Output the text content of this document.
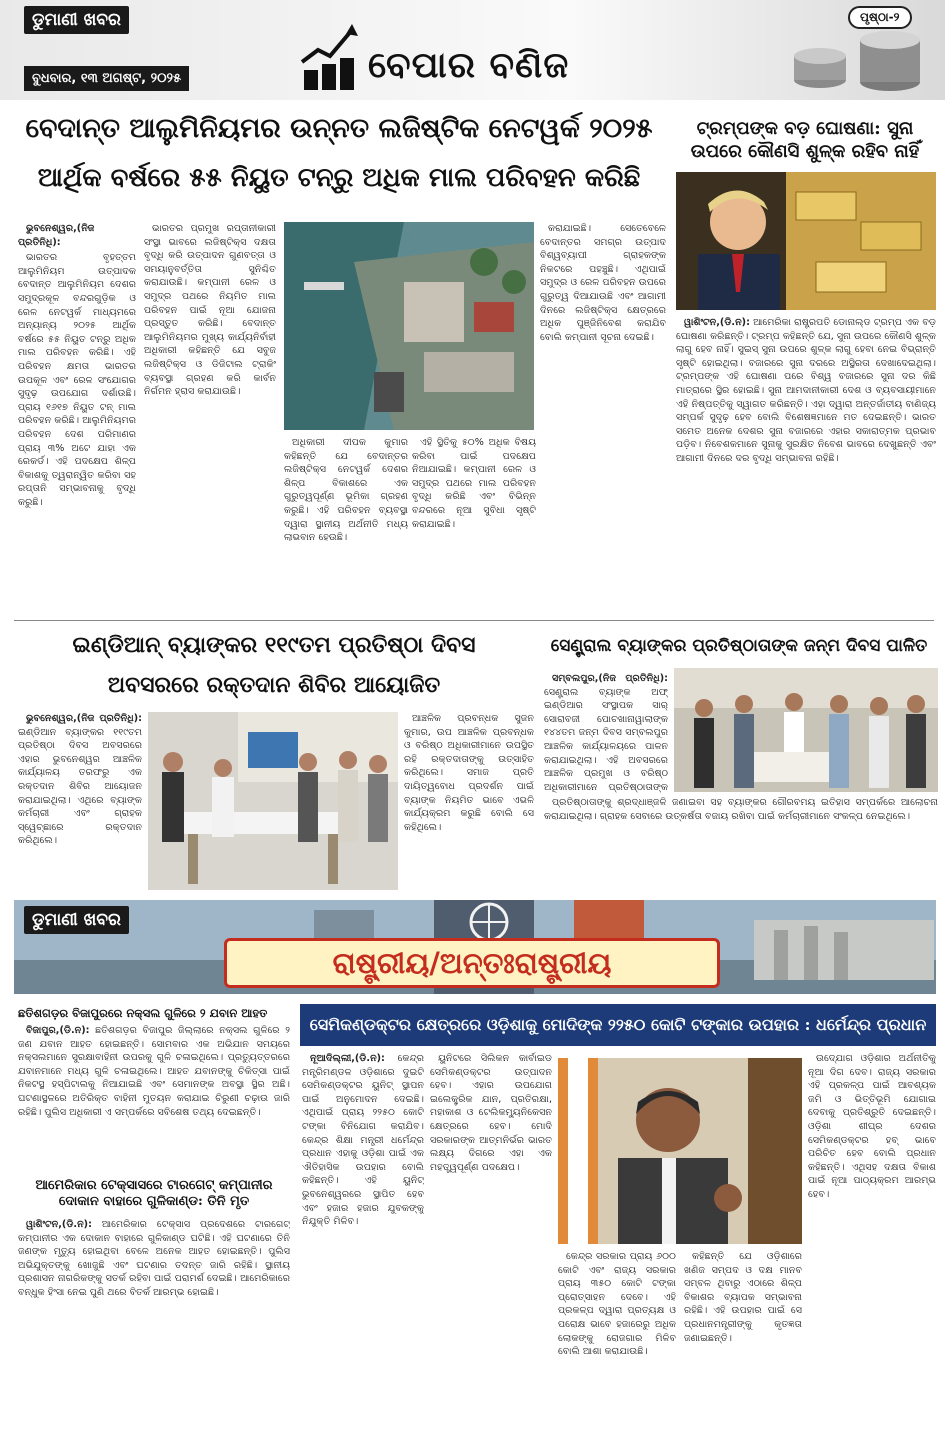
ଡୁମାଣୀ ଖବର
ବୁଧବାର, ୧୩ ଅଗଷ୍ଟ, ୨୦୨୫	ବେପାର ବଣିଜ
ପୃଷ୍ଠା-୨
ବେଦାନ୍ତ ଆଲୁମିନିୟମର ଉନ୍ନତ ଲଜିଷ୍ଟିକ ନେଟୱର୍କ ୨୦୨୫
ଆର୍ଥିକ ବର୍ଷରେ ୫୫ ନିୟୁତ ଟନ୍‌ରୁ ଅଧିକ ମାଲ ପରିବହନ କରିଛି

ଭୁବନେଶ୍ୱର,(ନିଜ ପ୍ରତିନିଧି):

ଭାରତର ବୃହତ୍ତମ ଆଲୁମିନିୟମ ଉତ୍ପାଦକ ବେଦାନ୍ତ ଆଲୁମିନିୟମ ଦେଶର ସମୁଦ୍ରକୂଳ ବନ୍ଦରଗୁଡ଼ିକ ଓ ରେଳ ନେଟୱର୍କ ମାଧ୍ୟମରେ ଅନ୍ୟାନ୍ୟ ୨୦୨୫ ଆର୍ଥିକ ବର୍ଷରେ ୫୫ ନିୟୁତ ଟନ୍‌ରୁ ଅଧିକ ମାଲ ପରିବହନ କରିଛି। ଏହି ପରିବହନ କ୍ଷମତା ଭାରତର ଉପକୂଳ ଏବଂ ରେଳ ସଂଯୋଗର ସୁଦୃଢ଼ ଉପଯୋଗ ଦର୍ଶାଉଛି। ପ୍ରାୟ ୧୬୧୭ ନିୟୁତ ଟନ୍ ମାଲ ପରିବହନ କରିଛି। ଆଲୁମିନିୟମର ପରିବହନ ଦେଶ ପରିମାଣର ପ୍ରାୟ ୩% ଅଟେ ଯାହା ଏକ ରେକର୍ଡ। ଏହି ପଦକ୍ଷେପ ଶିଳ୍ପ ବିକାଶକୁ ତ୍ୱରାନ୍ୱିତ କରିବା ସହ ରପ୍ତାନି ସମ୍ଭାବନାକୁ ବୃଦ୍ଧି କରୁଛି।

ଭାରତର ପ୍ରମୁଖ ରପ୍ତାନୀକାରୀ ସଂସ୍ଥା ଭାବରେ ଲଜିଷ୍ଟିକ୍ସ ଦକ୍ଷତା ବୃଦ୍ଧି କରି ଉତ୍ପାଦନ ଗୁଣବତ୍ତା ଓ ସମୟାନୁବର୍ତ୍ତିତା ସୁନିଶ୍ଚିତ କରାଯାଉଛି। କମ୍ପାନୀ ରେଳ ଓ ସମୁଦ୍ର ପଥରେ ନିୟମିତ ମାଲ ପରିବହନ ପାଇଁ ନୂଆ ଯୋଜନା ପ୍ରସ୍ତୁତ କରିଛି। ବେଦାନ୍ତ ଆଲୁମିନିୟମର ମୁଖ୍ୟ କାର୍ଯ୍ୟନିର୍ବାହୀ ଅଧିକାରୀ କହିଛନ୍ତି ଯେ ସବୁଜ ଲଜିଷ୍ଟିକ୍ସ ଓ ଡିଜିଟାଲ ଟ୍ରାକିଂ ବ୍ୟବସ୍ଥା ଗ୍ରହଣ କରି କାର୍ବନ ନିର୍ଗମନ ହ୍ରାସ କରାଯାଉଛି।

ଅଧିକାରୀ ଦୀପକ କୁମାର କହିଛନ୍ତି ଯେ ବେଦାନ୍ତର ଲଜିଷ୍ଟିକ୍ସ ନେଟୱର୍କ ଦେଶର ଶିଳ୍ପ ବିକାଶରେ ଏକ ଗୁରୁତ୍ୱପୂର୍ଣ୍ଣ ଭୂମିକା ଗ୍ରହଣ କରୁଛି। ଏହି ପରିବହନ ବ୍ୟବସ୍ଥା ଦ୍ୱାରା ସ୍ଥାନୀୟ ଅର୍ଥନୀତି ମଧ୍ୟ ଲାଭବାନ ହେଉଛି।

ଏହି ସ୍ଥିତିକୁ ୫୦% ଅଧିକ ବିଷୟ କରିବା ପାଇଁ ପଦକ୍ଷେପ ନିଆଯାଇଛି। କମ୍ପାନୀ ରେଳ ଓ ସମୁଦ୍ର ପଥରେ ମାଲ ପରିବହନ ବୃଦ୍ଧି କରିଛି ଏବଂ ବିଭିନ୍ନ ବନ୍ଦରରେ ନୂଆ ସୁବିଧା ସୃଷ୍ଟି କରାଯାଇଛି।

କରାଯାଇଛି। ସେତେବେଳେ ବେଦାନ୍ତର ସମଗ୍ର ଉତ୍ପାଦ ବିଶ୍ୱବ୍ୟାପୀ ଗ୍ରାହକଙ୍କ ନିକଟରେ ପହଞ୍ଚୁଛି। ଏଥିପାଇଁ ସମୁଦ୍ର ଓ ରେଳ ପରିବହନ ଉପରେ ଗୁରୁତ୍ୱ ଦିଆଯାଉଛି ଏବଂ ଆଗାମୀ ଦିନରେ ଲଜିଷ୍ଟିକ୍ସ କ୍ଷେତ୍ରରେ ଅଧିକ ପୁଞ୍ଜିନିବେଶ କରାଯିବ ବୋଲି କମ୍ପାନୀ ସୂଚନା ଦେଇଛି।

ଟ୍ରମ୍ପଙ୍କ ବଡ଼ ଘୋଷଣା: ସୁନା ଉପରେ କୌଣସି ଶୁଳ୍କ ରହିବ ନାହିଁ

ୱାଶିଂଟନ,(ଡି.ନ): ଆମେରିକା ରାଷ୍ଟ୍ରପତି ଡୋନାଲ୍ଡ ଟ୍ରମ୍ପ ଏକ ବଡ଼ ଘୋଷଣା କରିଛନ୍ତି। ଟ୍ରମ୍ପ କହିଛନ୍ତି ଯେ, ସୁନା ଉପରେ କୌଣସି ଶୁଳ୍କ ଲାଗୁ ହେବ ନାହିଁ। ସୁଇସ୍‌ ସୁନା ଉପରେ ଶୁଳ୍କ ଲାଗୁ ହେବା ନେଇ ବିଭ୍ରାନ୍ତି ସୃଷ୍ଟି ହୋଇଥିଲା। ବଜାରରେ ସୁନା ଦରରେ ଅସ୍ଥିରତା ଦେଖାଦେଇଥିଲା। ଟ୍ରମ୍ପଙ୍କ ଏହି ଘୋଷଣା ପରେ ବିଶ୍ୱ ବଜାରରେ ସୁନା ଦର କିଛି ମାତ୍ରାରେ ସ୍ଥିର ହୋଇଛି। ସୁନା ଆମଦାନୀକାରୀ ଦେଶ ଓ ବ୍ୟବସାୟୀମାନେ ଏହି ନିଷ୍ପତ୍ତିକୁ ସ୍ୱାଗତ କରିଛନ୍ତି। ଏହା ଦ୍ୱାରା ଅନ୍ତର୍ଜାତୀୟ ବାଣିଜ୍ୟ ସମ୍ପର୍କ ସୁଦୃଢ଼ ହେବ ବୋଲି ବିଶେଷଜ୍ଞମାନେ ମତ ଦେଇଛନ୍ତି। ଭାରତ ସମେତ ଅନେକ ଦେଶର ସୁନା ବଜାରରେ ଏହାର ସକାରାତ୍ମକ ପ୍ରଭାବ ପଡ଼ିବ। ନିବେଶକମାନେ ସୁନାକୁ ସୁରକ୍ଷିତ ନିବେଶ ଭାବରେ ଦେଖୁଛନ୍ତି ଏବଂ ଆଗାମୀ ଦିନରେ ଦର ବୃଦ୍ଧି ସମ୍ଭାବନା ରହିଛି।

ଇଣ୍ଡିଆନ୍ ବ୍ୟାଙ୍କର ୧୧୯ତମ ପ୍ରତିଷ୍ଠା ଦିବସ
ଅବସରରେ ରକ୍ତଦାନ ଶିବିର ଆୟୋଜିତ

ଭୁବନେଶ୍ୱର,(ନିଜ ପ୍ରତିନିଧି): ଇଣ୍ଡିଆନ ବ୍ୟାଙ୍କର ୧୧୯ତମ ପ୍ରତିଷ୍ଠା ଦିବସ ଅବସରରେ ଏହାର ଭୁବନେଶ୍ୱର ଆଞ୍ଚଳିକ କାର୍ଯ୍ୟାଳୟ ତରଫରୁ ଏକ ରକ୍ତଦାନ ଶିବିର ଆୟୋଜନ କରାଯାଇଥିଲା। ଏଥିରେ ବ୍ୟାଙ୍କ କର୍ମଚାରୀ ଏବଂ ଗ୍ରାହକ ସ୍ୱେଚ୍ଛାରେ ରକ୍ତଦାନ କରିଥିଲେ।

ଆଞ୍ଚଳିକ ପ୍ରବନ୍ଧକ ସୁଜନ କୁମାର, ଉପ ଆଞ୍ଚଳିକ ପ୍ରବନ୍ଧକ ଓ ବରିଷ୍ଠ ଅଧିକାରୀମାନେ ଉପସ୍ଥିତ ରହି ରକ୍ତଦାତାଙ୍କୁ ଉତ୍ସାହିତ କରିଥିଲେ। ସମାଜ ପ୍ରତି ଦାୟିତ୍ୱବୋଧ ପ୍ରଦର୍ଶନ ପାଇଁ ବ୍ୟାଙ୍କ ନିୟମିତ ଭାବେ ଏଭଳି କାର୍ଯ୍ୟକ୍ରମ କରୁଛି ବୋଲି ସେ କହିଥିଲେ।

ସେଣ୍ଟ୍ରାଲ ବ୍ୟାଙ୍କର ପ୍ରତିଷ୍ଠାତାଙ୍କ ଜନ୍ମ ଦିବସ ପାଳିତ

ସମ୍ବଲପୁର,(ନିଜ ପ୍ରତିନିଧି): ସେଣ୍ଟ୍ରାଲ ବ୍ୟାଙ୍କ ଅଫ୍ ଇଣ୍ଡିଆର ସଂସ୍ଥାପକ ସାର୍ ସୋରାବଜୀ ପୋଚଖାନାୱାଲାଙ୍କ ୧୪୪ତମ ଜନ୍ମ ଦିବସ ସମ୍ବଲପୁର ଆଞ୍ଚଳିକ କାର୍ଯ୍ୟାଳୟରେ ପାଳନ କରାଯାଇଥିଲା। ଏହି ଅବସରରେ ଆଞ୍ଚଳିକ ପ୍ରମୁଖ ଓ ବରିଷ୍ଠ ଅଧିକାରୀମାନେ ପ୍ରତିଷ୍ଠାତାଙ୍କ

ପ୍ରତିଷ୍ଠାତାଙ୍କୁ ଶ୍ରଦ୍ଧାଞ୍ଜଳି ଜଣାଇବା ସହ ବ୍ୟାଙ୍କର ଗୌରବମୟ ଇତିହାସ ସମ୍ପର୍କରେ ଆଲୋଚନା କରାଯାଇଥିଲା। ଗ୍ରାହକ ସେବାରେ ଉତ୍କର୍ଷତା ବଜାୟ ରଖିବା ପାଇଁ କର୍ମଚାରୀମାନେ ସଂକଳ୍ପ ନେଇଥିଲେ।

ଡୁମାଣୀ ଖବର
ରାଷ୍ଟ୍ରୀୟ/ଅନ୍ତଃରାଷ୍ଟ୍ରୀୟ
ଛତିଶଗଡ଼ର ବିଜାପୁରରେ ନକ୍ସଲ ଗୁଳିରେ ୨ ଯବାନ ଆହତ

ବିଜାପୁର,(ଡି.ନ): ଛତିଶଗଡ଼ର ବିଜାପୁର ଜିଲ୍ଲାରେ ନକ୍ସଲ ଗୁଳିରେ ୨ ଜଣ ଯବାନ ଆହତ ହୋଇଛନ୍ତି। ସୋମବାର ଏକ ଅଭିଯାନ ସମୟରେ ନକ୍ସଲମାନେ ସୁରକ୍ଷାବାହିନୀ ଉପରକୁ ଗୁଳି ଚଳାଇଥିଲେ। ପ୍ରତ୍ୟୁତ୍ତରରେ ଯବାନମାନେ ମଧ୍ୟ ଗୁଳି ଚଳାଇଥିଲେ। ଆହତ ଯବାନଙ୍କୁ ଚିକିତ୍ସା ପାଇଁ ନିକଟସ୍ଥ ହସ୍ପିଟାଲକୁ ନିଆଯାଇଛି ଏବଂ ସେମାନଙ୍କ ଅବସ୍ଥା ସ୍ଥିର ଅଛି। ଘଟଣାସ୍ଥଳରେ ଅତିରିକ୍ତ ବାହିନୀ ମୁତୟନ କରାଯାଇ ଚିରୁଣୀ ଚଢ଼ାଉ ଜାରି ରହିଛି। ପୁଲିସ ଅଧିକାରୀ ଏ ସମ୍ପର୍କରେ ସବିଶେଷ ତଥ୍ୟ ଦେଇଛନ୍ତି।

ଆମେରିକାର ଟେକ୍ସାସରେ ଟାରଗେଟ୍ କମ୍ପାନୀର ଦୋକାନ ବାହାରେ ଗୁଳିକାଣ୍ଡ: ତିନି ମୃତ

ୱାଶିଂଟନ,(ଡି.ନ): ଆମେରିକାର ଟେକ୍ସାସ ପ୍ରଦେଶରେ ଟାରଗେଟ୍ କମ୍ପାନୀର ଏକ ଦୋକାନ ବାହାରେ ଗୁଳିକାଣ୍ଡ ଘଟିଛି। ଏହି ଘଟଣାରେ ତିନି ଜଣଙ୍କ ମୃତ୍ୟୁ ହୋଇଥିବା ବେଳେ ଅନେକ ଆହତ ହୋଇଛନ୍ତି। ପୁଲିସ ଅଭିଯୁକ୍ତଙ୍କୁ ଖୋଜୁଛି ଏବଂ ଘଟଣାର ତଦନ୍ତ ଜାରି ରହିଛି। ସ୍ଥାନୀୟ ପ୍ରଶାସନ ନାଗରିକଙ୍କୁ ସତର୍କ ରହିବା ପାଇଁ ପରାମର୍ଶ ଦେଇଛି। ଆମେରିକାରେ ବନ୍ଧୁକ ହିଂସା ନେଇ ପୁଣି ଥରେ ବିତର୍କ ଆରମ୍ଭ ହୋଇଛି।

ସେମିକଣ୍ଡକ୍ଟର କ୍ଷେତ୍ରରେ ଓଡ଼ିଶାକୁ ମୋଦିଙ୍କ ୨୨୫୦ କୋଟି ଟଙ୍କାର ଉପହାର : ଧର୍ମେନ୍ଦ୍ର ପ୍ରଧାନ

ନୂଆଦିଲ୍ଲୀ,(ଡି.ନ): କେନ୍ଦ୍ର ମନ୍ତ୍ରିମଣ୍ଡଳ ଓଡ଼ିଶାରେ ଦୁଇଟି ସେମିକଣ୍ଡକ୍ଟର ୟୁନିଟ୍ ସ୍ଥାପନ ପାଇଁ ଅନୁମୋଦନ ଦେଇଛି। ଏଥିପାଇଁ ପ୍ରାୟ ୨୨୫୦ କୋଟି ଟଙ୍କା ବିନିଯୋଗ କରାଯିବ। କେନ୍ଦ୍ର ଶିକ୍ଷା ମନ୍ତ୍ରୀ ଧର୍ମେନ୍ଦ୍ର ପ୍ରଧାନ ଏହାକୁ ଓଡ଼ିଶା ପାଇଁ ଏକ ଐତିହାସିକ ଉପହାର ବୋଲି କହିଛନ୍ତି। ଏହି ୟୁନିଟ୍ ଭୁବନେଶ୍ୱରରେ ସ୍ଥାପିତ ହେବ ଏବଂ ହଜାର ହଜାର ଯୁବକଙ୍କୁ ନିଯୁକ୍ତି ମିଳିବ।

ୟୁନିଟରେ ସିଲିକନ କାର୍ବାଇଡ ସେମିକଣ୍ଡକ୍ଟର ଉତ୍ପାଦନ ହେବ। ଏହାର ଉପଯୋଗ ଇଲେକ୍ଟ୍ରିକ ଯାନ, ପ୍ରତିରକ୍ଷା, ମହାକାଶ ଓ ଟେଲିକମ୍ୟୁନିକେସନ କ୍ଷେତ୍ରରେ ହେବ। ମୋଦି ସରକାରଙ୍କ ଆତ୍ମନିର୍ଭର ଭାରତ ଲକ୍ଷ୍ୟ ଦିଗରେ ଏହା ଏକ ମହତ୍ତ୍ୱପୂର୍ଣ୍ଣ ପଦକ୍ଷେପ।

ଉଦ୍ଯୋଗ ଓଡ଼ିଶାର ଅର୍ଥନୀତିକୁ ନୂଆ ଦିଗ ଦେବ। ରାଜ୍ୟ ସରକାର ଏହି ପ୍ରକଳ୍ପ ପାଇଁ ଆବଶ୍ୟକ ଜମି ଓ ଭିତ୍ତିଭୂମି ଯୋଗାଇ ଦେବାକୁ ପ୍ରତିଶ୍ରୁତି ଦେଇଛନ୍ତି। ଓଡ଼ିଶା ଶୀଘ୍ର ଦେଶର ସେମିକଣ୍ଡକ୍ଟର ହବ୍ ଭାବେ ପରିଚିତ ହେବ ବୋଲି ପ୍ରଧାନ କହିଛନ୍ତି। ଏଥିସହ ଦକ୍ଷତା ବିକାଶ ପାଇଁ ନୂଆ ପାଠ୍ୟକ୍ରମ ଆରମ୍ଭ ହେବ।

କେନ୍ଦ୍ର ସରକାର ପ୍ରାୟ ୬୦୦ କୋଟି ଏବଂ ରାଜ୍ୟ ସରକାର ପ୍ରାୟ ୩୫୦ କୋଟି ଟଙ୍କା ପ୍ରୋତ୍ସାହନ ଦେବେ। ଏହି ପ୍ରକଳ୍ପ ଦ୍ୱାରା ପ୍ରତ୍ୟକ୍ଷ ଓ ପରୋକ୍ଷ ଭାବେ ହଜାରେରୁ ଅଧିକ ଲୋକଙ୍କୁ ରୋଜଗାର ମିଳିବ ବୋଲି ଆଶା କରାଯାଉଛି।

କହିଛନ୍ତି ଯେ ଓଡ଼ିଶାରେ ଖଣିଜ ସମ୍ପଦ ଓ ଦକ୍ଷ ମାନବ ସମ୍ବଳ ଥିବାରୁ ଏଠାରେ ଶିଳ୍ପ ବିକାଶର ବ୍ୟାପକ ସମ୍ଭାବନା ରହିଛି। ଏହି ଉପହାର ପାଇଁ ସେ ପ୍ରଧାନମନ୍ତ୍ରୀଙ୍କୁ କୃତଜ୍ଞତା ଜଣାଇଛନ୍ତି।
